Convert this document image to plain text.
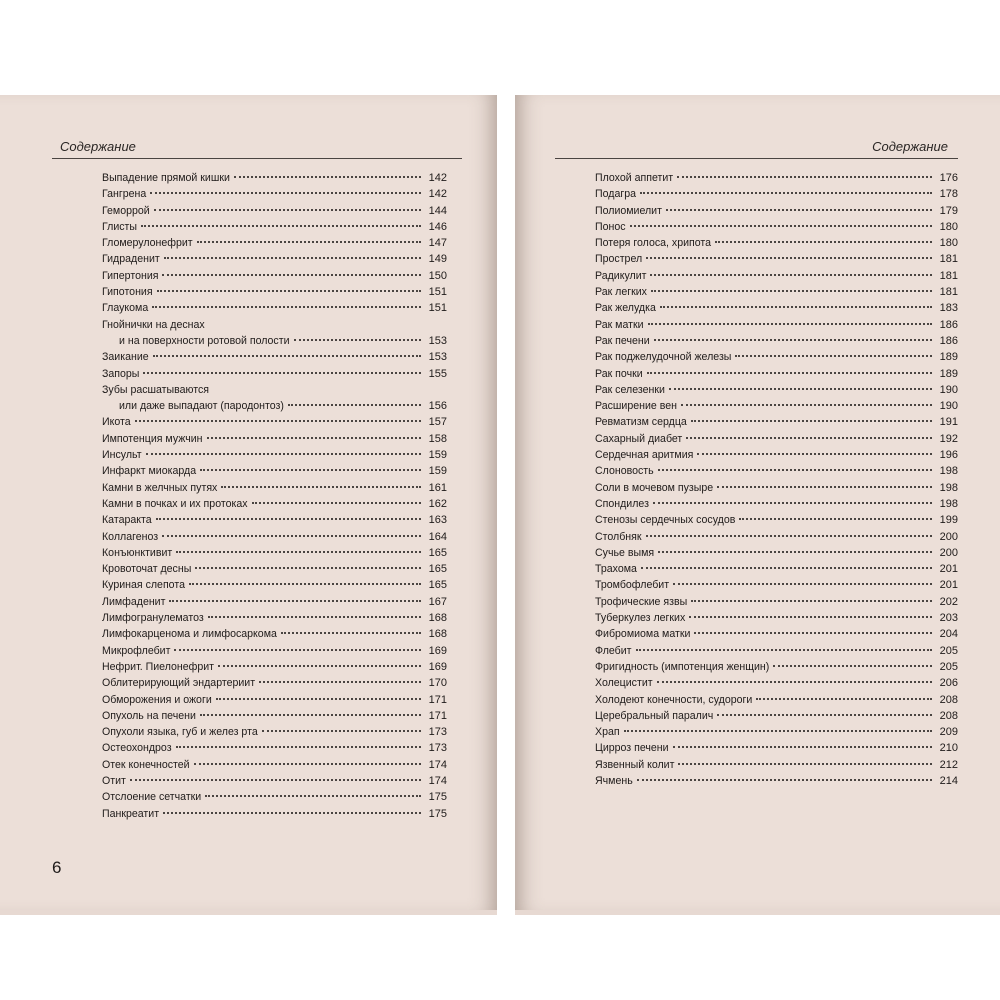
Содержание
Выпадение прямой кишки	142
Гангрена	142
Геморрой	144
Глисты	146
Гломерулонефрит	147
Гидраденит	149
Гипертония	150
Гипотония	151
Глаукома	151
Гнойнички на деснах
и на поверхности ротовой полости	153
Заикание	153
Запоры	155
Зубы расшатываются
или даже выпадают (пародонтоз)	156
Икота	157
Импотенция мужчин	158
Инсульт	159
Инфаркт миокарда	159
Камни в желчных путях	161
Камни в почках и их протоках	162
Катаракта	163
Коллагеноз	164
Конъюнктивит	165
Кровоточат десны	165
Куриная слепота	165
Лимфаденит	167
Лимфогранулематоз	168
Лимфокарценома и лимфосаркома	168
Микрофлебит	169
Нефрит. Пиелонефрит	169
Облитерирующий эндартериит	170
Обморожения и ожоги	171
Опухоль на печени	171
Опухоли языка, губ и желез рта	173
Остеохондроз	173
Отек конечностей	174
Отит	174
Отслоение сетчатки	175
Панкреатит	175
6
Содержание
Плохой аппетит	176
Подагра	178
Полиомиелит	179
Понос	180
Потеря голоса, хрипота	180
Прострел	181
Радикулит	181
Рак легких	181
Рак желудка	183
Рак матки	186
Рак печени	186
Рак поджелудочной железы	189
Рак почки	189
Рак селезенки	190
Расширение вен	190
Ревматизм сердца	191
Сахарный диабет	192
Сердечная аритмия	196
Слоновость	198
Соли в мочевом пузыре	198
Спондилез	198
Стенозы сердечных сосудов	199
Столбняк	200
Сучье вымя	200
Трахома	201
Тромбофлебит	201
Трофические язвы	202
Туберкулез легких	203
Фибромиома матки	204
Флебит	205
Фригидность (импотенция женщин)	205
Холецистит	206
Холодеют конечности, судороги	208
Церебральный паралич	208
Храп	209
Цирроз печени	210
Язвенный колит	212
Ячмень	214
